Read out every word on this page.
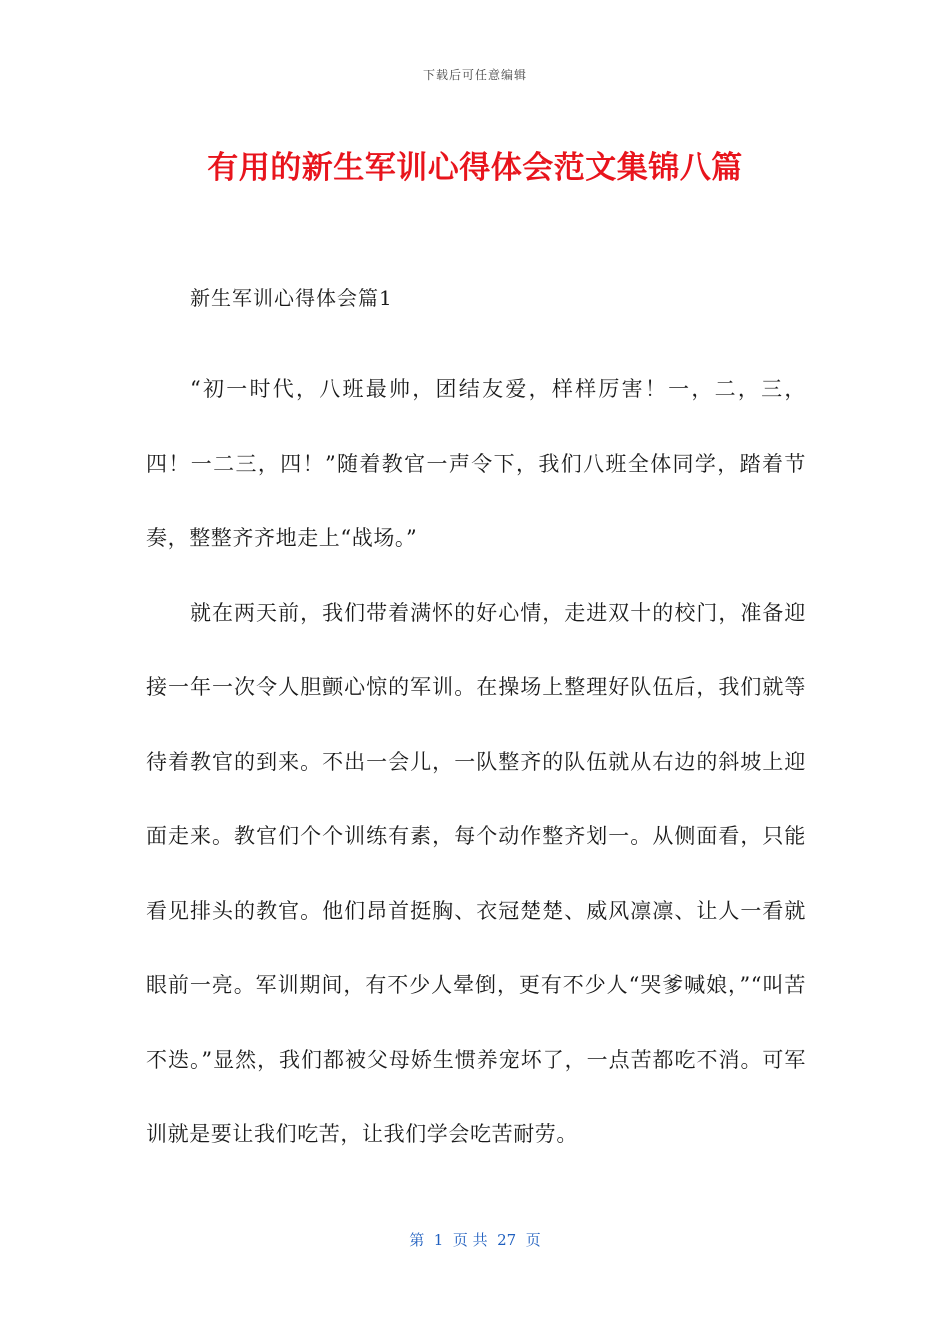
下载后可任意编辑
有用的新生军训心得体会范文集锦八篇
新生军训心得体会篇1

“初一时代，八班最帅，团结友爱，样样厉害！一，二，三，四！一二三，四！”随着教官一声令下，我们八班全体同学，踏着节奏，整整齐齐地走上“战场。”

就在两天前，我们带着满怀的好心情，走进双十的校门，准备迎接一年一次令人胆颤心惊的军训。在操场上整理好队伍后，我们就等待着教官的到来。不出一会儿，一队整齐的队伍就从右边的斜坡上迎面走来。教官们个个训练有素，每个动作整齐划一。从侧面看，只能看见排头的教官。他们昂首挺胸、衣冠楚楚、威风凛凛、让人一看就眼前一亮。军训期间，有不少人晕倒，更有不少人“哭爹喊娘，”“叫苦不迭。”显然，我们都被父母娇生惯养宠坏了，一点苦都吃不消。可军训就是要让我们吃苦，让我们学会吃苦耐劳。

第  1  页 共  27  页
